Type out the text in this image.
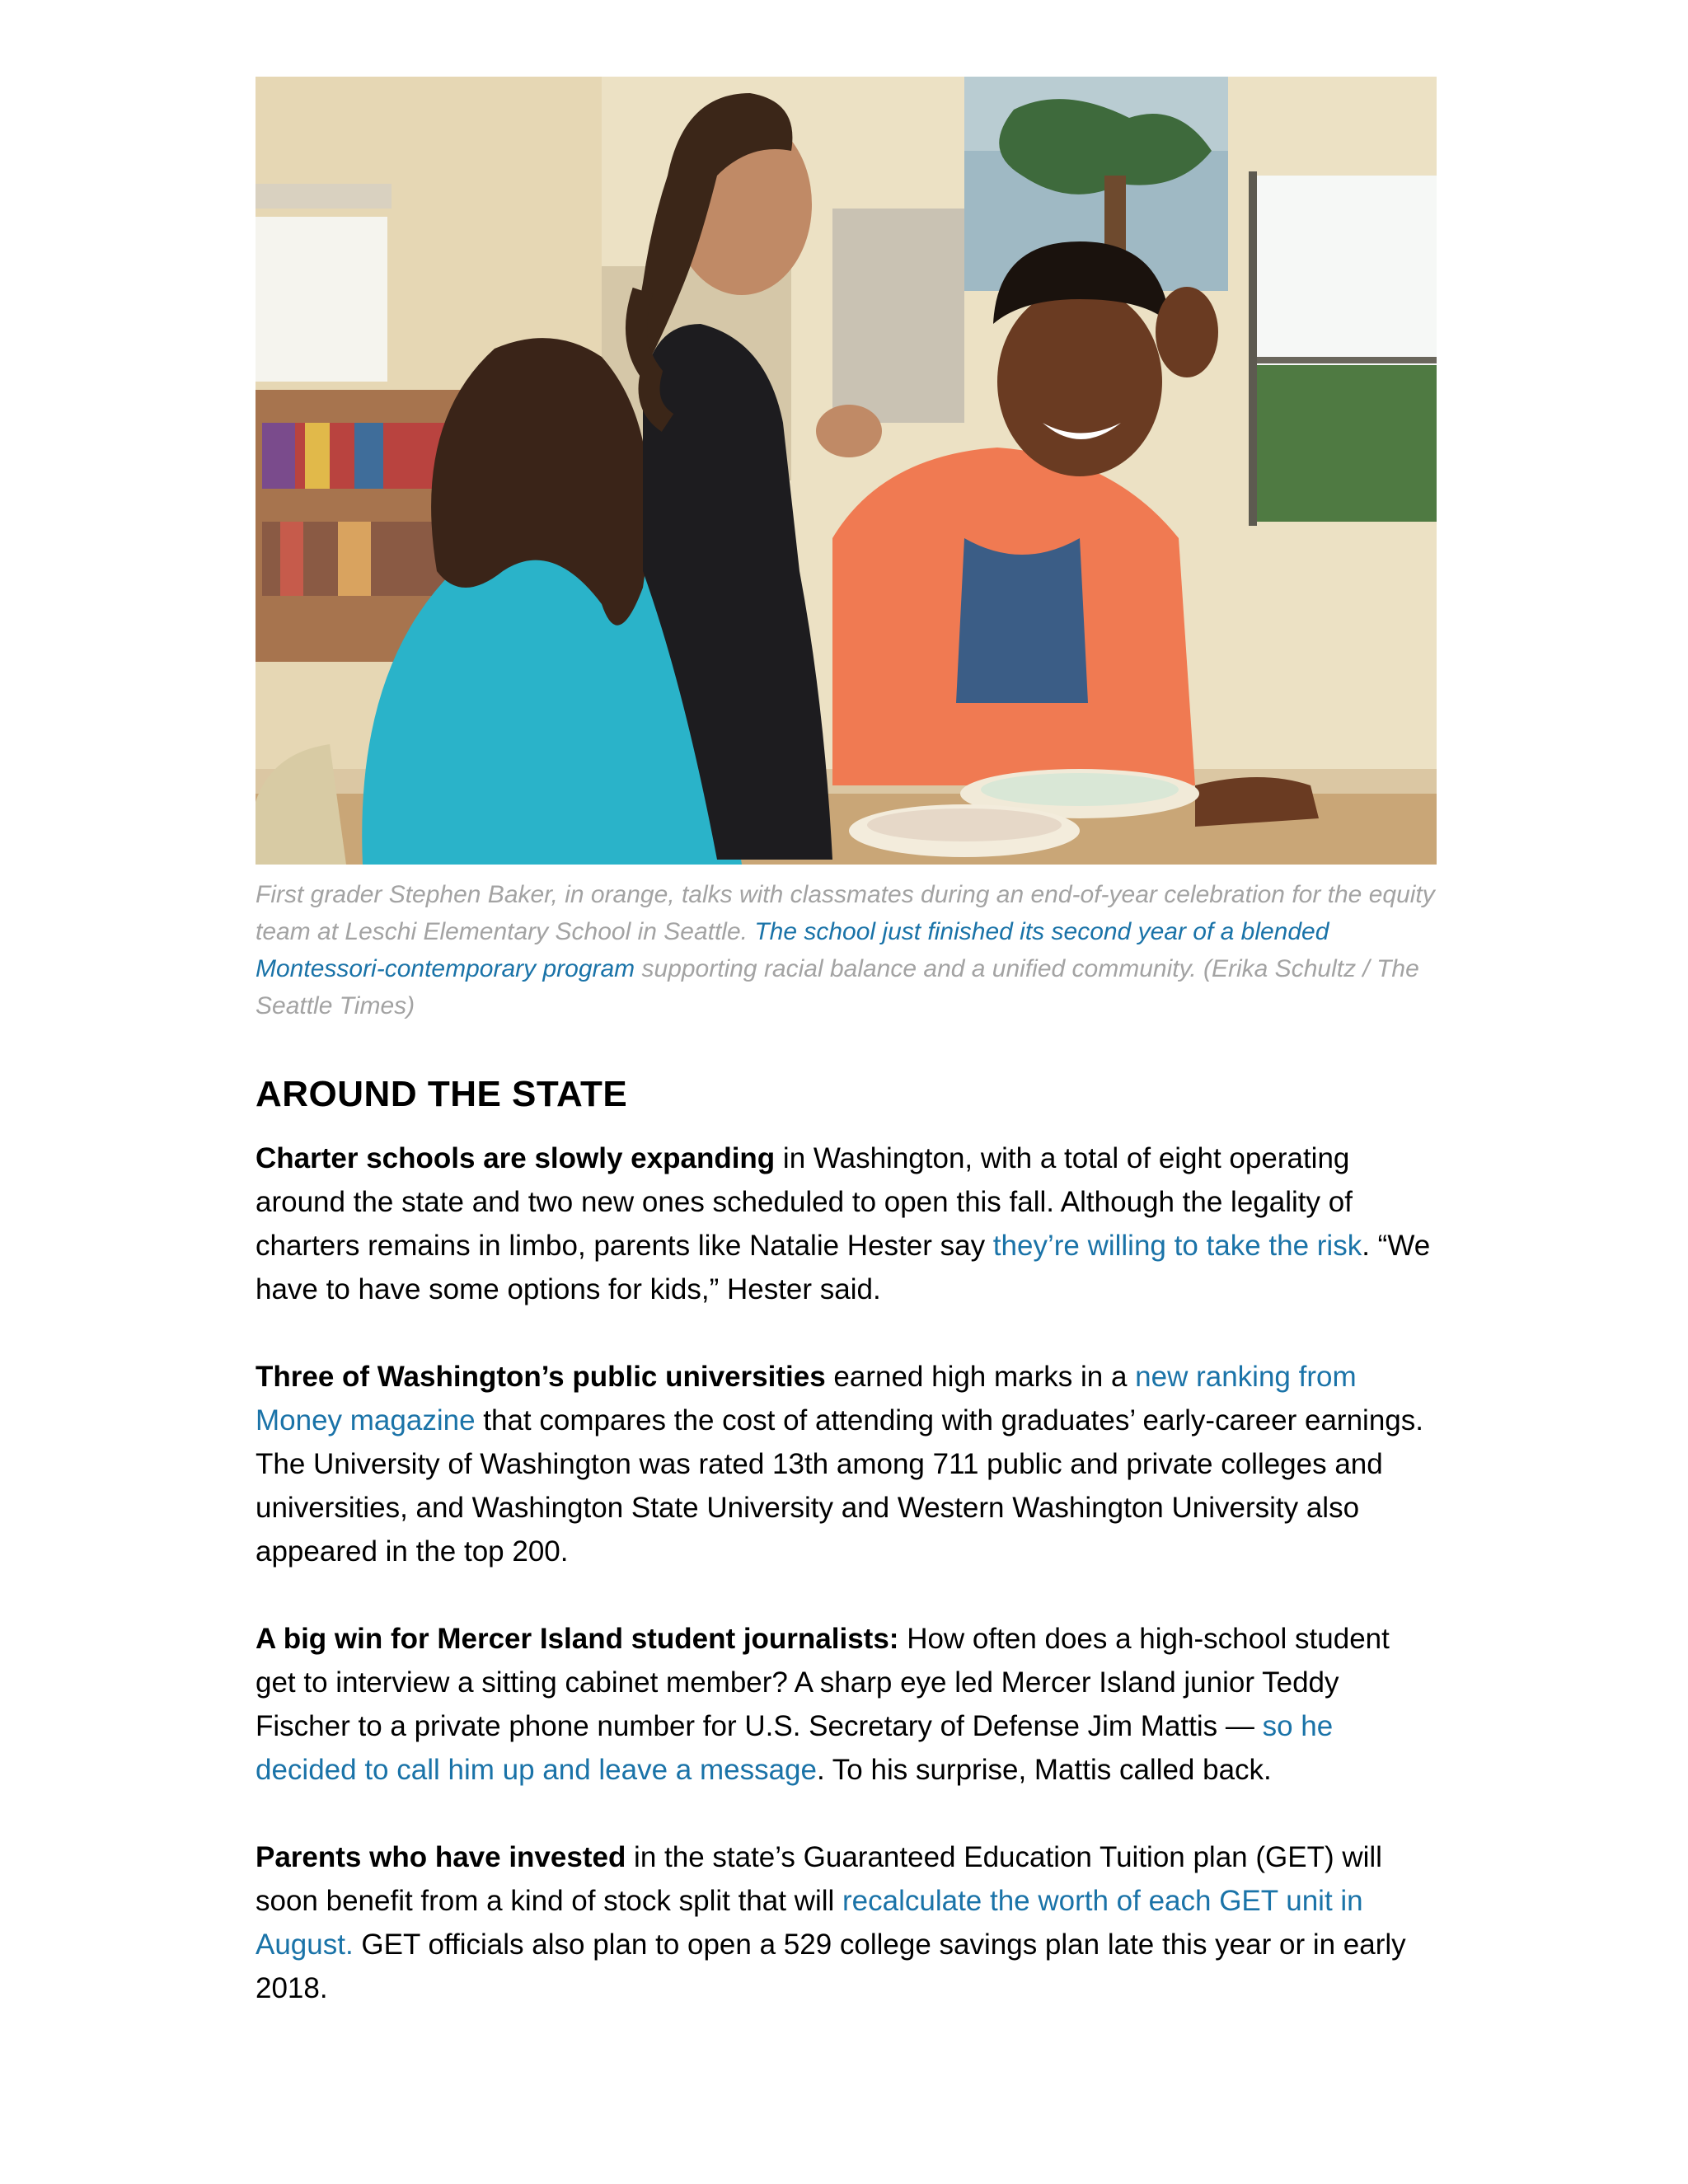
First grader Stephen Baker, in orange, talks with classmates during an end-of-year celebration for the equity team at Leschi Elementary School in Seattle. The school just finished its second year of a blended Montessori-contemporary program supporting racial balance and a unified community. (Erika Schultz / The Seattle Times)
AROUND THE STATE

Charter schools are slowly expanding in Washington, with a total of eight operating around the state and two new ones scheduled to open this fall. Although the legality of charters remains in limbo, parents like Natalie Hester say they’re willing to take the risk. “We have to have some options for kids,” Hester said.

Three of Washington’s public universities earned high marks in a new ranking from Money magazine that compares the cost of attending with graduates’ early-career earnings. The University of Washington was rated 13th among 711 public and private colleges and universities, and Washington State University and Western Washington University also appeared in the top 200.

A big win for Mercer Island student journalists: How often does a high-school student get to interview a sitting cabinet member? A sharp eye led Mercer Island junior Teddy Fischer to a private phone number for U.S. Secretary of Defense Jim Mattis — so he decided to call him up and leave a message. To his surprise, Mattis called back.

Parents who have invested in the state’s Guaranteed Education Tuition plan (GET) will soon benefit from a kind of stock split that will recalculate the worth of each GET unit in August. GET officials also plan to open a 529 college savings plan late this year or in early 2018.
